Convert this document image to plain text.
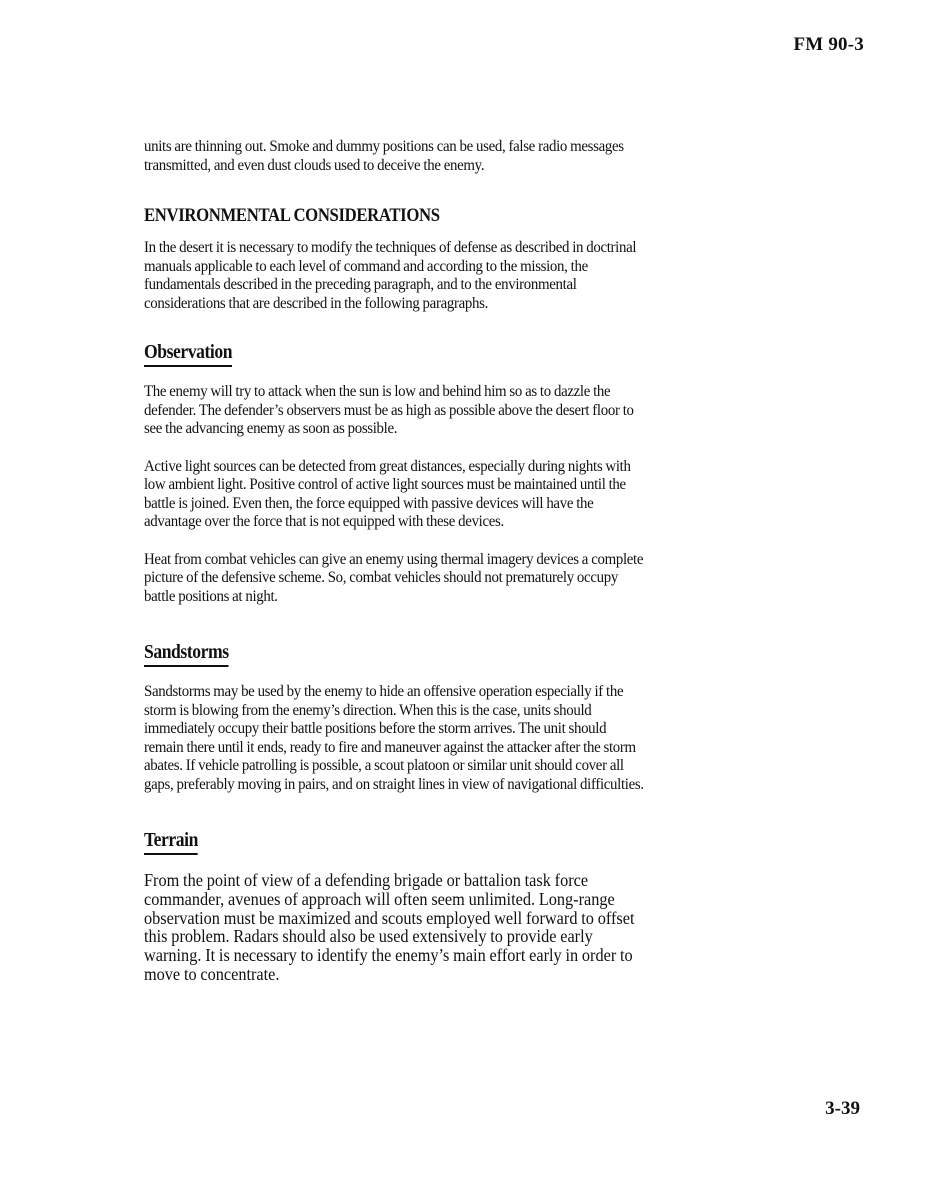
FM 90-3

units are thinning out. Smoke and dummy positions can be used, false radio messages transmitted, and even dust clouds used to deceive the enemy.

ENVIRONMENTAL CONSIDERATIONS

In the desert it is necessary to modify the techniques of defense as described in doctrinal manuals applicable to each level of command and according to the mission, the fundamentals described in the preceding paragraph, and to the environmental considerations that are described in the following paragraphs.

Observation

The enemy will try to attack when the sun is low and behind him so as to dazzle the defender. The defender’s observers must be as high as possible above the desert floor to see the advancing enemy as soon as possible.

Active light sources can be detected from great distances, especially during nights with low ambient light. Positive control of active light sources must be maintained until the battle is joined. Even then, the force equipped with passive devices will have the advantage over the force that is not equipped with these devices.

Heat from combat vehicles can give an enemy using thermal imagery devices a complete picture of the defensive scheme. So, combat vehicles should not prematurely occupy battle positions at night.

Sandstorms

Sandstorms may be used by the enemy to hide an offensive operation especially if the storm is blowing from the enemy’s direction. When this is the case, units should immediately occupy their battle positions before the storm arrives. The unit should remain there until it ends, ready to fire and maneuver against the attacker after the storm abates. If vehicle patrolling is possible, a scout platoon or similar unit should cover all gaps, preferably moving in pairs, and on straight lines in view of navigational difficulties.

Terrain

From the point of view of a defending brigade or battalion task force commander, avenues of approach will often seem unlimited. Long-range observation must be maximized and scouts employed well forward to offset this problem. Radars should also be used extensively to provide early warning. It is necessary to identify the enemy’s main effort early in order to move to concentrate.

3-39
